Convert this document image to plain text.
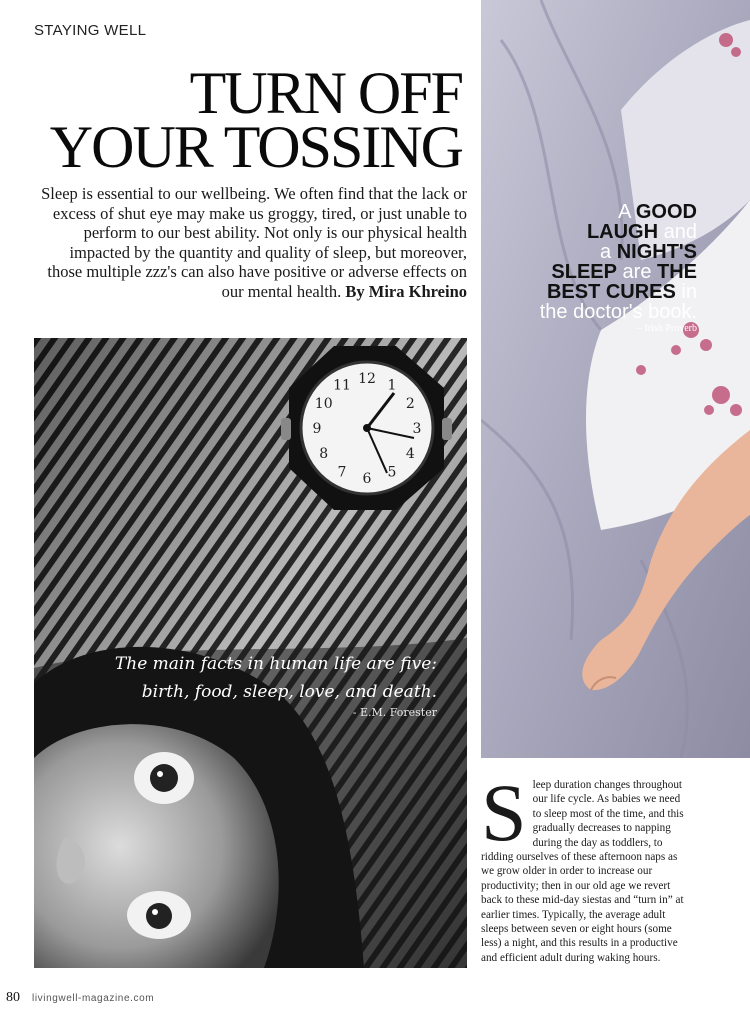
STAYING WELL
TURN OFF
YOUR TOSSING

Sleep is essential to our wellbeing. We often find that the lack or excess of shut eye may make us groggy, tired, or just unable to perform to our best ability. Not only is our physical health impacted by the quantity and quality of sleep, but moreover, those multiple zzz's can also have positive or adverse effects on our mental health. By Mira Khreino

12 1
2
3
4
5
6
7
8
9
10
11
The main facts in human life are five:
birth, food, sleep, love, and death.
- E.M. Forester
A GOOD
LAUGH and
a NIGHT'S
SLEEP are THE
BEST CURES in
the doctor's book.
– Irish Proverb

Sleep duration changes throughout our life cycle. As babies we need to sleep most of the time, and this gradually decreases to napping during the day as toddlers, to ridding ourselves of these afternoon naps as we grow older in order to increase our productivity; then in our old age we revert back to these mid-day siestas and “turn in” at earlier times. Typically, the average adult sleeps between seven or eight hours (some less) a night, and this results in a productive and efficient adult during waking hours.

80 livingwell-magazine.com
